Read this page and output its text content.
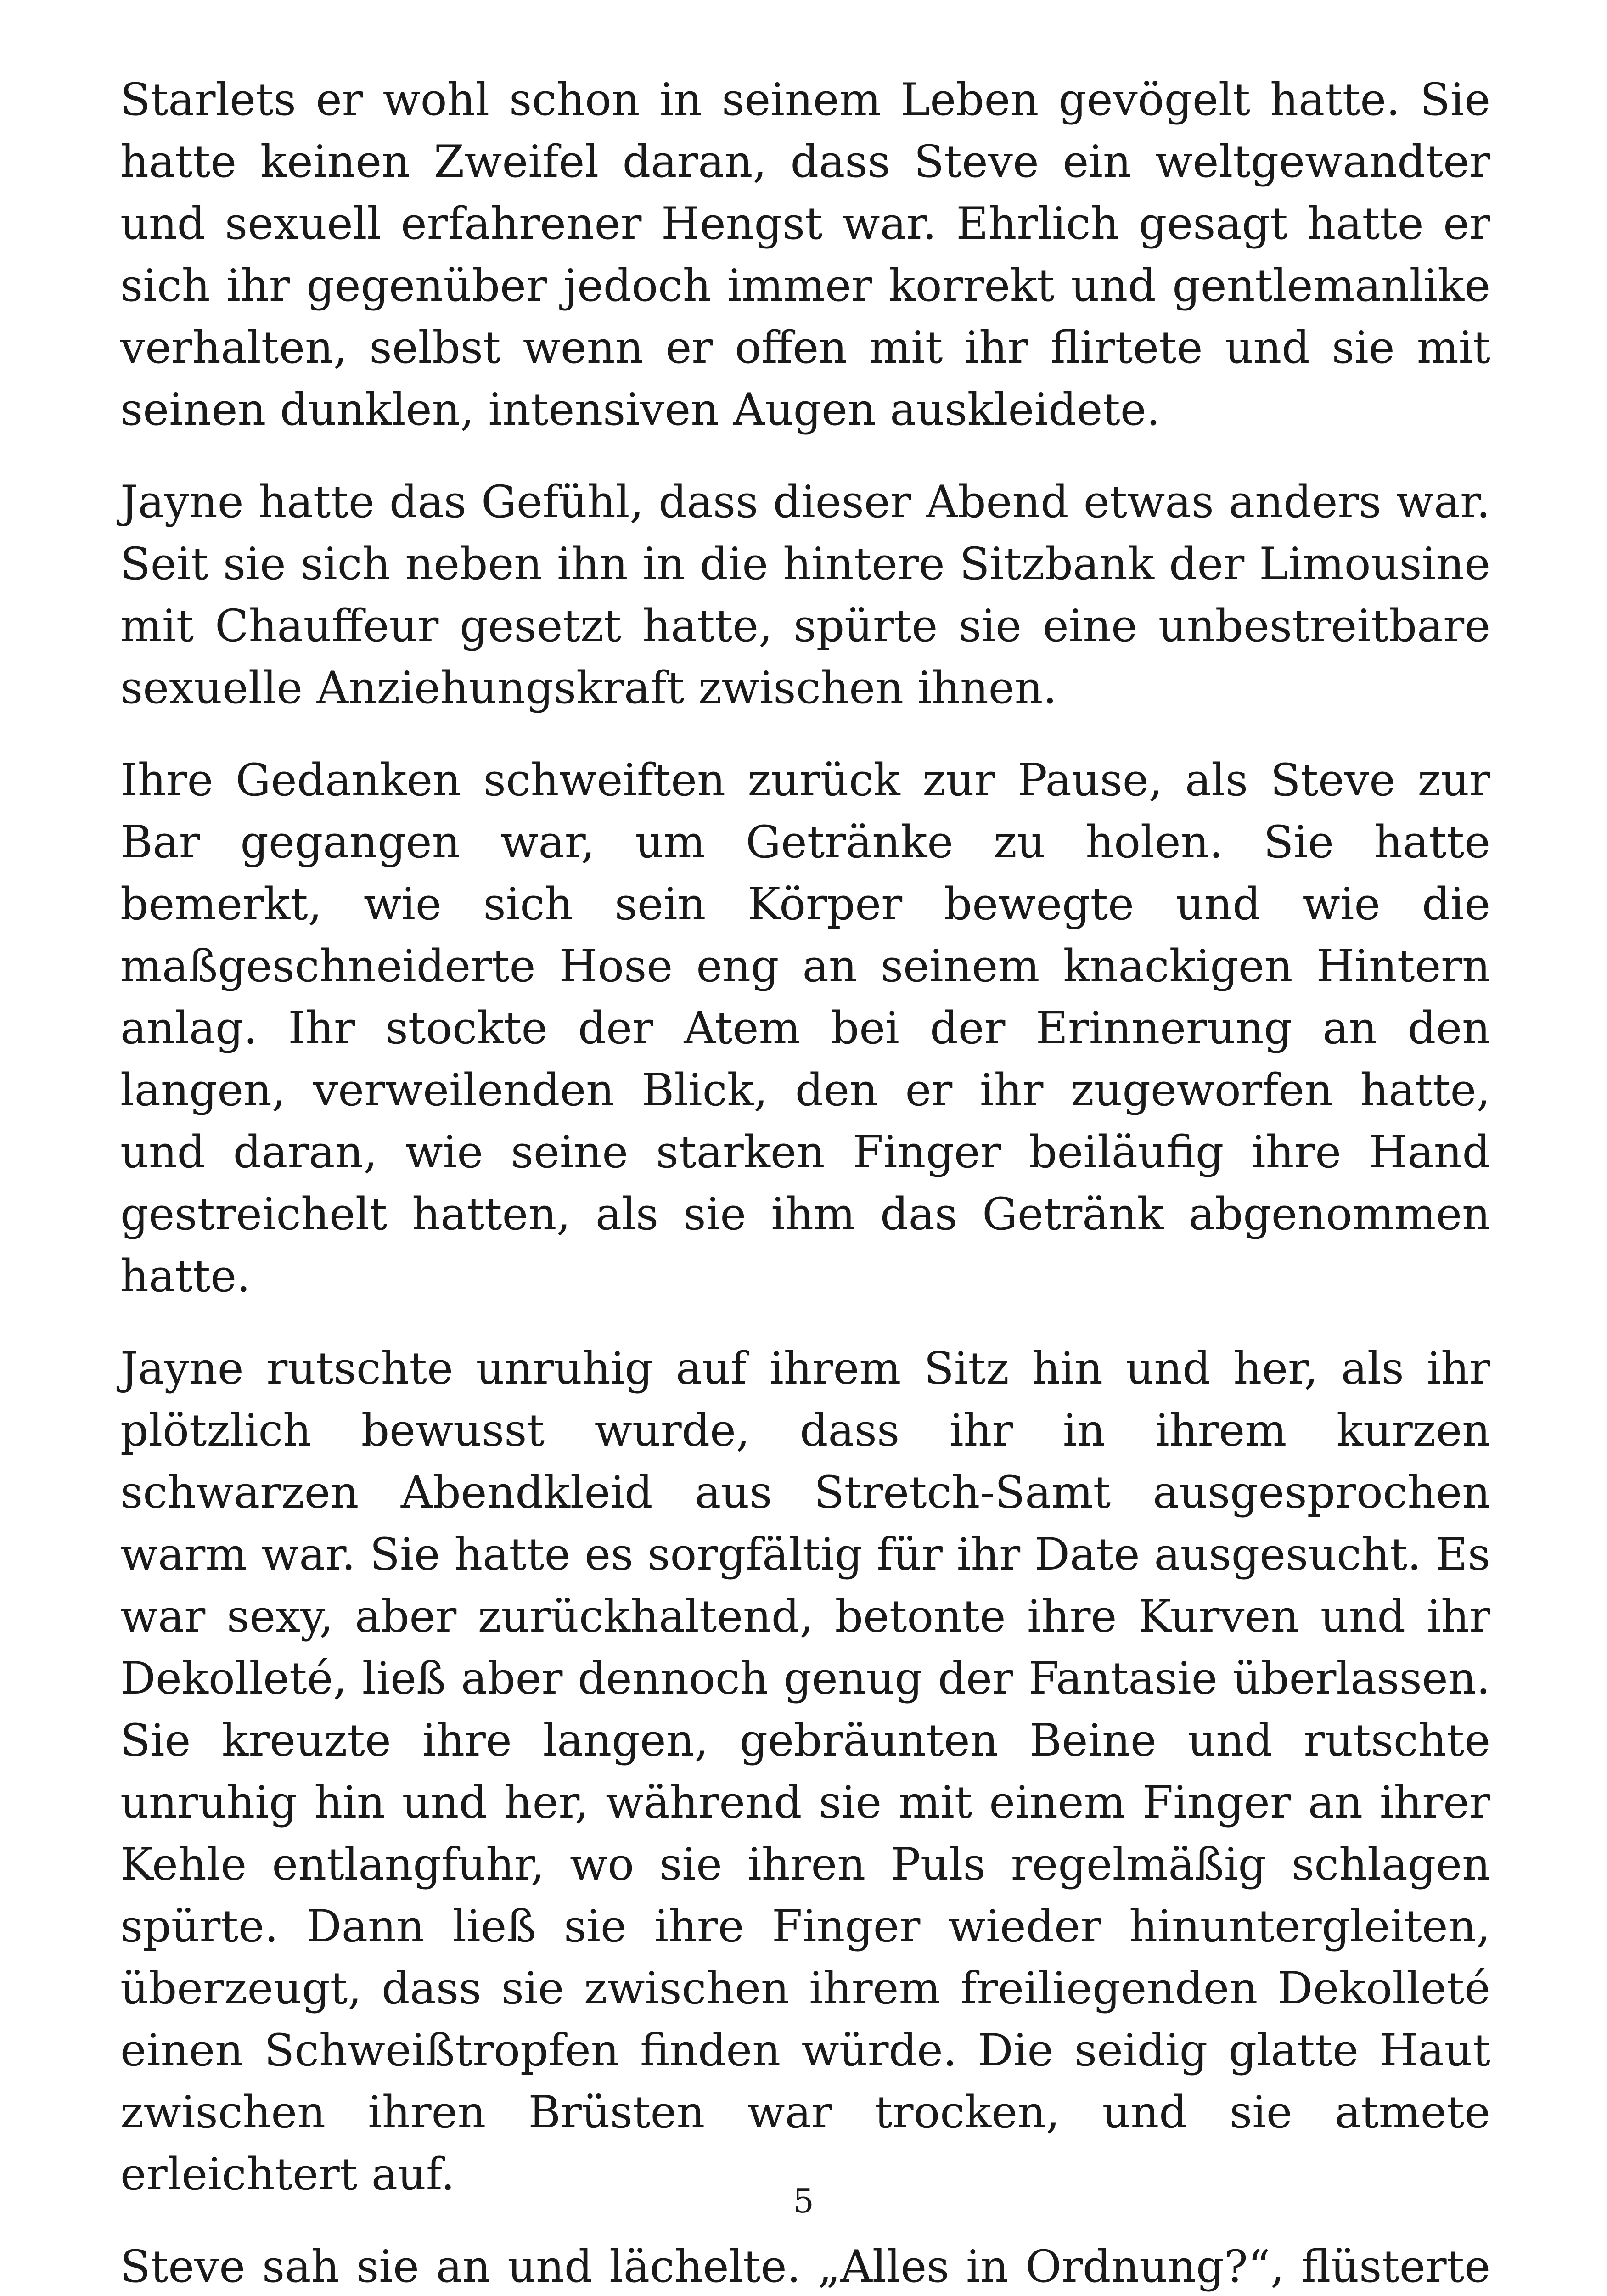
Starlets er wohl schon in seinem Leben gevögelt hatte. Sie hatte keinen Zweifel daran, dass Steve ein weltgewandter und sexuell erfahrener Hengst war. Ehrlich gesagt hatte er sich ihr gegenüber jedoch immer korrekt und gentlemanlike verhalten, selbst wenn er offen mit ihr flirtete und sie mit seinen dunklen, intensiven Augen auskleidete.

Jayne hatte das Gefühl, dass dieser Abend etwas anders war. Seit sie sich neben ihn in die hintere Sitzbank der Limousine mit Chauffeur gesetzt hatte, spürte sie eine unbestreitbare sexuelle Anziehungskraft zwischen ihnen.

Ihre Gedanken schweiften zurück zur Pause, als Steve zur Bar gegangen war, um Getränke zu holen. Sie hatte bemerkt, wie sich sein Körper bewegte und wie die maßgeschneiderte Hose eng an seinem knackigen Hintern anlag. Ihr stockte der Atem bei der Erinnerung an den langen, verweilenden Blick, den er ihr zugeworfen hatte, und daran, wie seine starken Finger beiläufig ihre Hand gestreichelt hatten, als sie ihm das Getränk abgenommen hatte.

Jayne rutschte unruhig auf ihrem Sitz hin und her, als ihr plötzlich bewusst wurde, dass ihr in ihrem kurzen schwarzen Abendkleid aus Stretch-Samt ausgesprochen warm war. Sie hatte es sorgfältig für ihr Date ausgesucht. Es war sexy, aber zurückhaltend, betonte ihre Kurven und ihr Dekolleté, ließ aber dennoch genug der Fantasie überlassen. Sie kreuzte ihre langen, gebräunten Beine und rutschte unruhig hin und her, während sie mit einem Finger an ihrer Kehle entlangfuhr, wo sie ihren Puls regelmäßig schlagen spürte. Dann ließ sie ihre Finger wieder hinuntergleiten, überzeugt, dass sie zwischen ihrem freiliegenden Dekolleté einen Schweißtropfen finden würde. Die seidig glatte Haut zwischen ihren Brüsten war trocken, und sie atmete erleichtert auf.

Steve sah sie an und lächelte. „Alles in Ordnung?“, flüsterte

5
